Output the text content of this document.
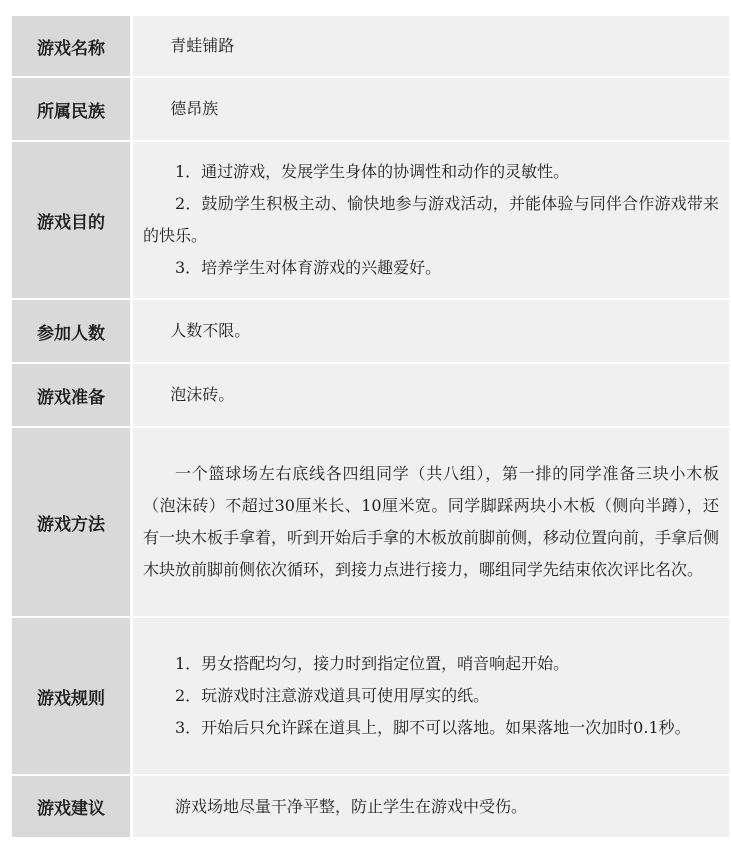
游戏名称	青蛙铺路

所属民族	德昂族

游戏目的	1．通过游戏，发展学生身体的协调性和动作的灵敏性。

2．鼓励学生积极主动、愉快地参与游戏活动，并能体验与同伴合作游戏带来的快乐。

3．培养学生对体育游戏的兴趣爱好。

参加人数	人数不限。

游戏准备	泡沫砖。

游戏方法	一个篮球场左右底线各四组同学（共八组），第一排的同学准备三块小木板（泡沫砖）不超过30厘米长、10厘米宽。同学脚踩两块小木板（侧向半蹲），还有一块木板手拿着，听到开始后手拿的木板放前脚前侧，移动位置向前，手拿后侧木块放前脚前侧依次循环，到接力点进行接力，哪组同学先结束依次评比名次。

游戏规则	1．男女搭配均匀，接力时到指定位置，哨音响起开始。

2．玩游戏时注意游戏道具可使用厚实的纸。

3．开始后只允许踩在道具上，脚不可以落地。如果落地一次加时0.1秒。

游戏建议	游戏场地尽量干净平整，防止学生在游戏中受伤。
